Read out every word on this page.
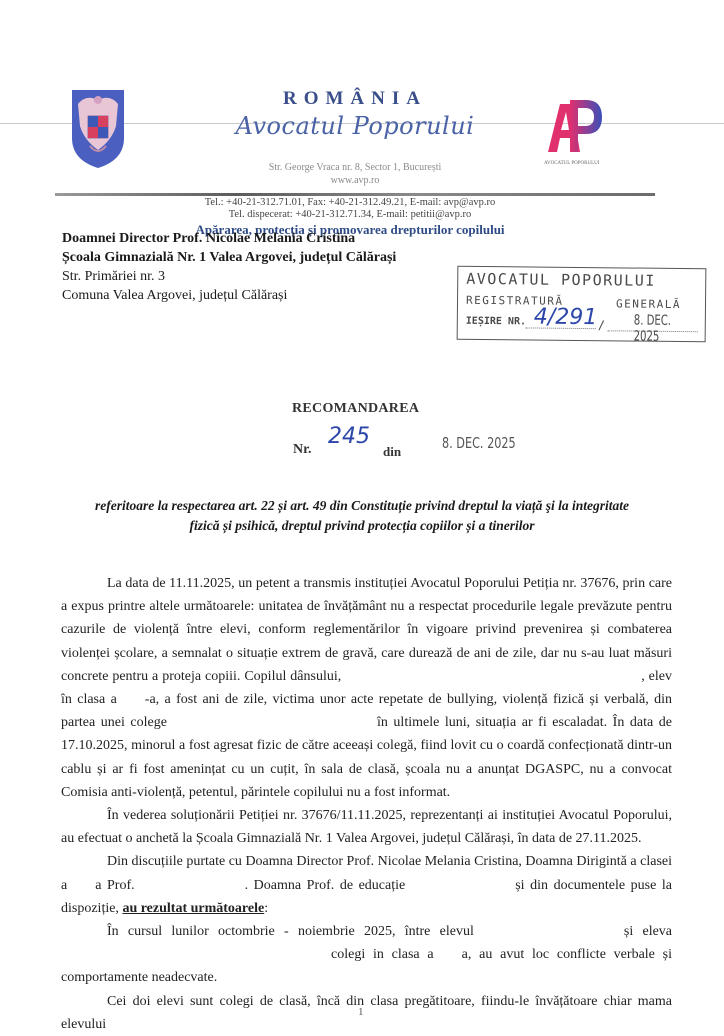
ROMÂNIA
Avocatul Poporului
Str. George Vraca nr. 8, Sector 1, București
www.avp.ro
AVOCATUL POPORULUI
Tel.: +40-21-312.71.01, Fax: +40-21-312.49.21, E-mail: avp@avp.ro
Tel. dispecerat: +40-21-312.71.34, E-mail: petitii@avp.ro
Apărarea, protecția și promovarea drepturilor copilului
Doamnei Director Prof. Nicolae Melania Cristina
Școala Gimnazială Nr. 1 Valea Argovei, județul Călărași
Str. Primăriei nr. 3
Comuna Valea Argovei, județul Călărași
AVOCATUL POPORULUI
REGISTRATURĂ	GENERALĂ
IEȘIRE NR. 4/291 / 8. DEC. 2025
RECOMANDAREA
Nr.
245
din	8. DEC. 2025
referitoare la respectarea art. 22 și art. 49 din Constituție privind dreptul la viață şi la integritate
fizică și psihică, dreptul privind protecția copiilor și a tinerilor

La data de 11.11.2025, un petent a transmis instituției Avocatul Poporului Petiția nr. 37676, prin care a expus printre altele următoarele: unitatea de învățământ nu a respectat procedurile legale prevăzute pentru cazurile de violență între elevi, conform reglementărilor în vigoare privind prevenirea și combaterea violenței școlare, a semnalat o situație extrem de gravă, care durează de ani de zile, dar nu s-au luat măsuri concrete pentru a proteja copiii. Copilul dânsului,	, elev în clasa a -a, a fost ani de zile, victima unor acte repetate de bullying, violență fizică și verbală, din partea unei colege	în ultimele luni, situația ar fi escaladat. În data de 17.10.2025, minorul a fost agresat fizic de către aceeași colegă, fiind lovit cu o coardă confecționată dintr-un cablu și ar fi fost amenințat cu un cuțit, în sala de clasă, școala nu a anunțat DGASPC, nu a convocat Comisia anti-violență, petentul, părintele copilului nu a fost informat.

În vederea soluționării Petiției nr. 37676/11.11.2025, reprezentanți ai instituției Avocatul Poporului, au efectuat o anchetă la Școala Gimnazială Nr. 1 Valea Argovei, județul Călărași, în data de 27.11.2025.

Din discuțiile purtate cu Doamna Director Prof. Nicolae Melania Cristina, Doamna Dirigintă a clasei a a Prof.	. Doamna Prof. de educație	și din documentele puse la dispoziție, au rezultat următoarele:

În cursul lunilor octombrie - noiembrie 2025, între elevul	și elevacolegi in clasa a a, au avut loc conflicte verbale și comportamente neadecvate.

Cei doi elevi sunt colegi de clasă, încă din clasa pregătitoare, fiindu-le învățătoare chiar mama elevului

1
